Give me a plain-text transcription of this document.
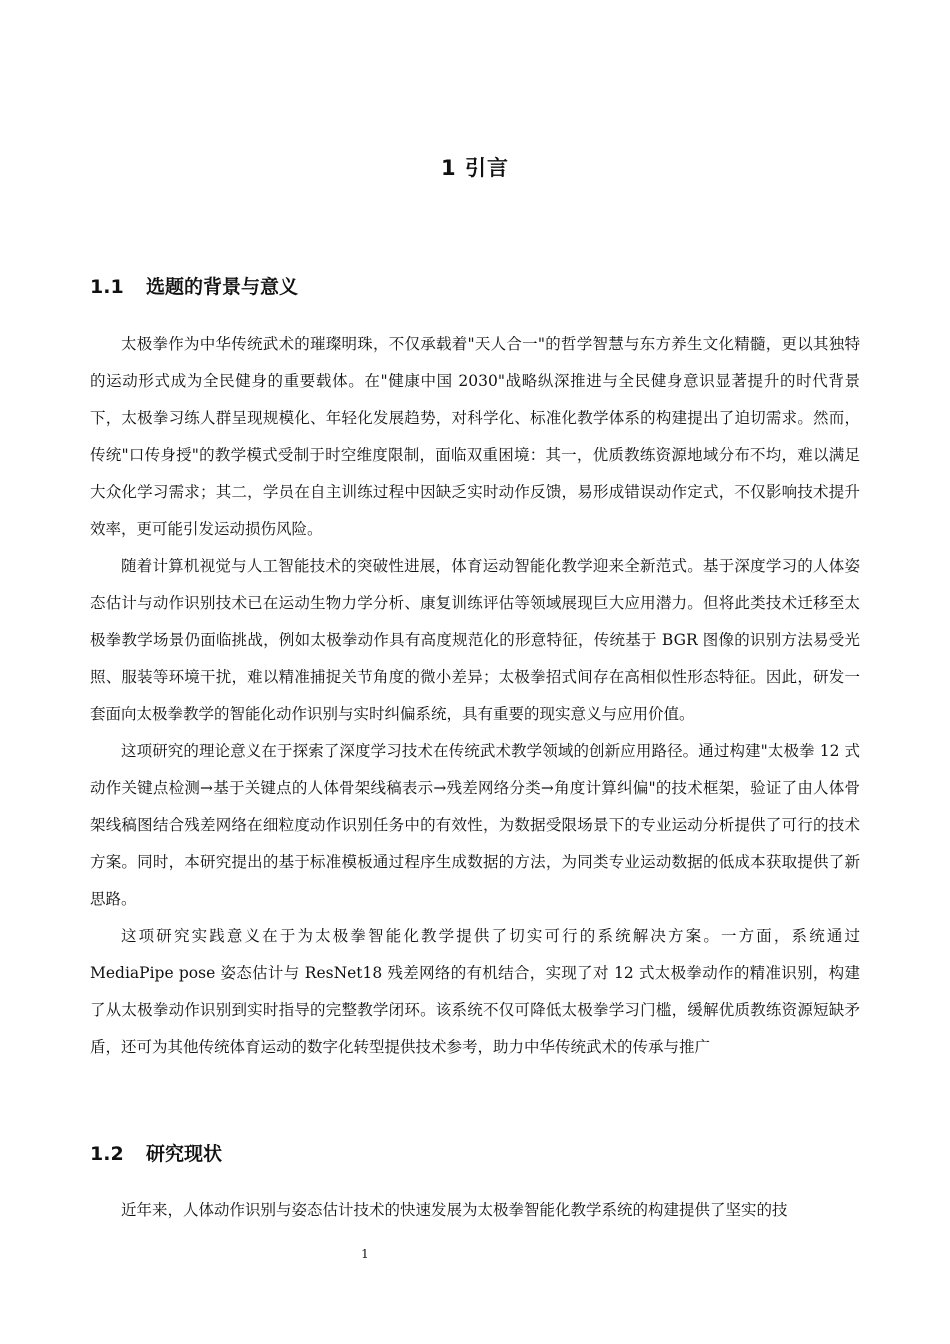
1 引言
1.1 选题的背景与意义

太极拳作为中华传统武术的璀璨明珠，不仅承载着"天人合一"的哲学智慧与东方养生文化精髓，更以其独特的运动形式成为全民健身的重要载体。在"健康中国 2030"战略纵深推进与全民健身意识显著提升的时代背景下，太极拳习练人群呈现规模化、年轻化发展趋势，对科学化、标准化教学体系的构建提出了迫切需求。然而，传统"口传身授"的教学模式受制于时空维度限制，面临双重困境：其一，优质教练资源地域分布不均，难以满足大众化学习需求；其二，学员在自主训练过程中因缺乏实时动作反馈，易形成错误动作定式，不仅影响技术提升效率，更可能引发运动损伤风险。

随着计算机视觉与人工智能技术的突破性进展，体育运动智能化教学迎来全新范式。基于深度学习的人体姿态估计与动作识别技术已在运动生物力学分析、康复训练评估等领域展现巨大应用潜力。但将此类技术迁移至太极拳教学场景仍面临挑战，例如太极拳动作具有高度规范化的形意特征，传统基于 BGR 图像的识别方法易受光照、服装等环境干扰，难以精准捕捉关节角度的微小差异；太极拳招式间存在高相似性形态特征。因此，研发一套面向太极拳教学的智能化动作识别与实时纠偏系统，具有重要的现实意义与应用价值。

这项研究的理论意义在于探索了深度学习技术在传统武术教学领域的创新应用路径。通过构建"太极拳 12 式动作关键点检测→基于关键点的人体骨架线稿表示→残差网络分类→角度计算纠偏"的技术框架，验证了由人体骨架线稿图结合残差网络在细粒度动作识别任务中的有效性，为数据受限场景下的专业运动分析提供了可行的技术方案。同时，本研究提出的基于标准模板通过程序生成数据的方法，为同类专业运动数据的低成本获取提供了新思路。

这项研究实践意义在于为太极拳智能化教学提供了切实可行的系统解决方案。一方面，系统通过 MediaPipe pose 姿态估计与 ResNet18 残差网络的有机结合，实现了对 12 式太极拳动作的精准识别，构建了从太极拳动作识别到实时指导的完整教学闭环。该系统不仅可降低太极拳学习门槛，缓解优质教练资源短缺矛盾，还可为其他传统体育运动的数字化转型提供技术参考，助力中华传统武术的传承与推广

1.2 研究现状

近年来，人体动作识别与姿态估计技术的快速发展为太极拳智能化教学系统的构建提供了坚实的技

1
